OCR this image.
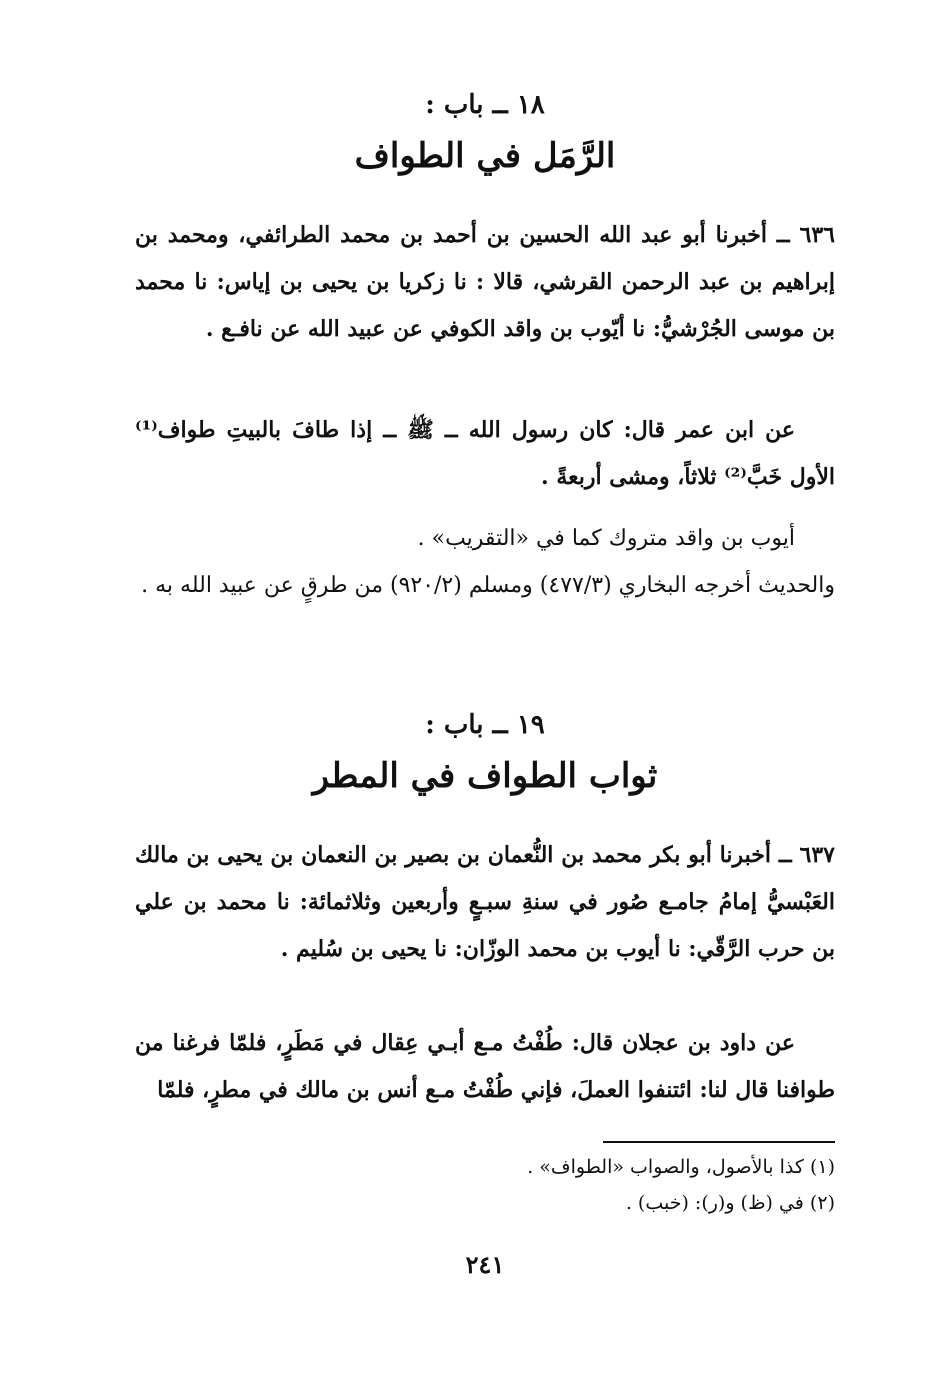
١٨ ــ باب :
الرَّمَل في الطواف

٦٣٦ ــ أخبرنا أبو عبد الله الحسين بن أحمد بن محمد الطرائفي، ومحمد بن إبراهيم بن عبد الرحمن القرشي، قالا : نا زكريا بن يحيى بن إياس: نا محمد بن موسى الجُرْشيُّ: نا أيّوب بن واقد الكوفي عن عبيد الله عن نافـع .

عن ابن عمر قال: كان رسول الله ــ ﷺ ــ إذا طافَ بالبيتِ طواف⁽¹⁾ الأول خَبَّ⁽²⁾ ثلاثاً، ومشى أربعةً .

أيوب بن واقد متروك كما في «التقريب» .

والحديث أخرجه البخاري (٤٧٧/٣) ومسلم (٩٢٠/٢) من طرقٍ عن عبيد الله به .

١٩ ــ باب :
ثواب الطواف في المطر

٦٣٧ ــ أخبرنا أبو بكر محمد بن النُّعمان بن بصير بن النعمان بن يحيى بن مالك العَبْسيُّ إمامُ جامـع صُور في سنةِ سبـعٍ وأربعين وثلاثمائة: نا محمد بن علي بن حرب الرَّقّي: نا أيوب بن محمد الوزّان: نا يحيى بن سُليم .

عن داود بن عجلان قال: طُفْتُ مـع أبـي عِقال في مَطَرٍ، فلمّا فرغنا من طوافنا قال لنا: ائتنفوا العملَ، فإني طُفْتُ مـع أنس بن مالك في مطرٍ، فلمّا

(١) كذا بالأصول، والصواب «الطواف» .
(٢) في (ظ) و(ر): (خبب) .
٢٤١
